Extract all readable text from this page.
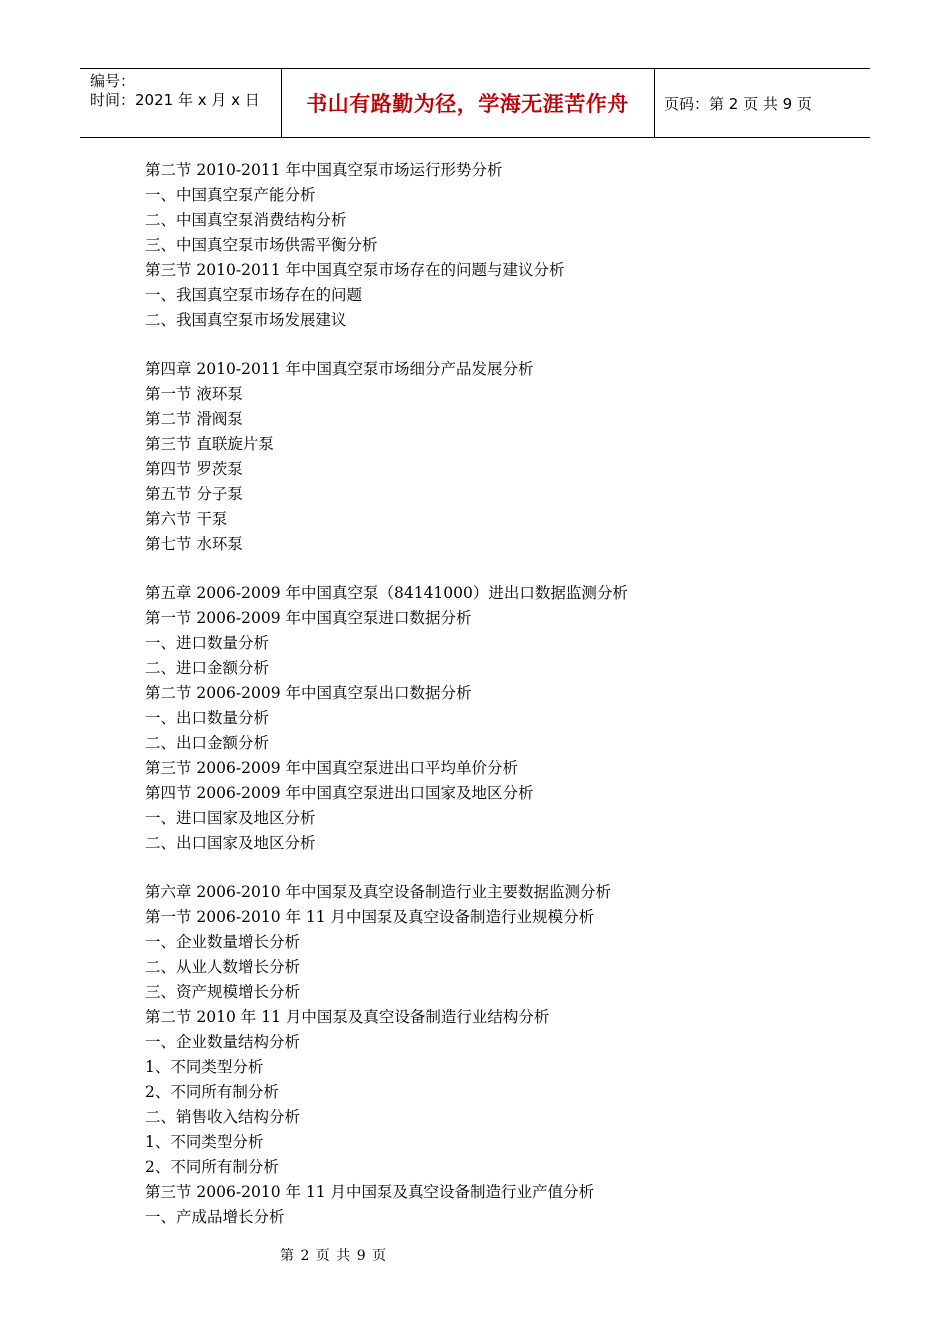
编号：
时间：2021 年 x 月 x 日 书山有路勤为径，学海无涯苦作舟	页码：第 2 页 共 9 页
第二节 2010-2011 年中国真空泵市场运行形势分析
一、中国真空泵产能分析
二、中国真空泵消费结构分析
三、中国真空泵市场供需平衡分析
第三节 2010-2011 年中国真空泵市场存在的问题与建议分析
一、我国真空泵市场存在的问题
二、我国真空泵市场发展建议
第四章 2010-2011 年中国真空泵市场细分产品发展分析
第一节 液环泵
第二节 滑阀泵
第三节 直联旋片泵
第四节 罗茨泵
第五节 分子泵
第六节 干泵
第七节 水环泵
第五章 2006-2009 年中国真空泵（84141000）进出口数据监测分析
第一节 2006-2009 年中国真空泵进口数据分析
一、进口数量分析
二、进口金额分析
第二节 2006-2009 年中国真空泵出口数据分析
一、出口数量分析
二、出口金额分析
第三节 2006-2009 年中国真空泵进出口平均单价分析
第四节 2006-2009 年中国真空泵进出口国家及地区分析
一、进口国家及地区分析
二、出口国家及地区分析
第六章 2006-2010 年中国泵及真空设备制造行业主要数据监测分析
第一节 2006-2010 年 11 月中国泵及真空设备制造行业规模分析
一、企业数量增长分析
二、从业人数增长分析
三、资产规模增长分析
第二节 2010 年 11 月中国泵及真空设备制造行业结构分析
一、企业数量结构分析
1、不同类型分析
2、不同所有制分析
二、销售收入结构分析
1、不同类型分析
2、不同所有制分析
第三节 2006-2010 年 11 月中国泵及真空设备制造行业产值分析
一、产成品增长分析
第 2 页 共 9 页
